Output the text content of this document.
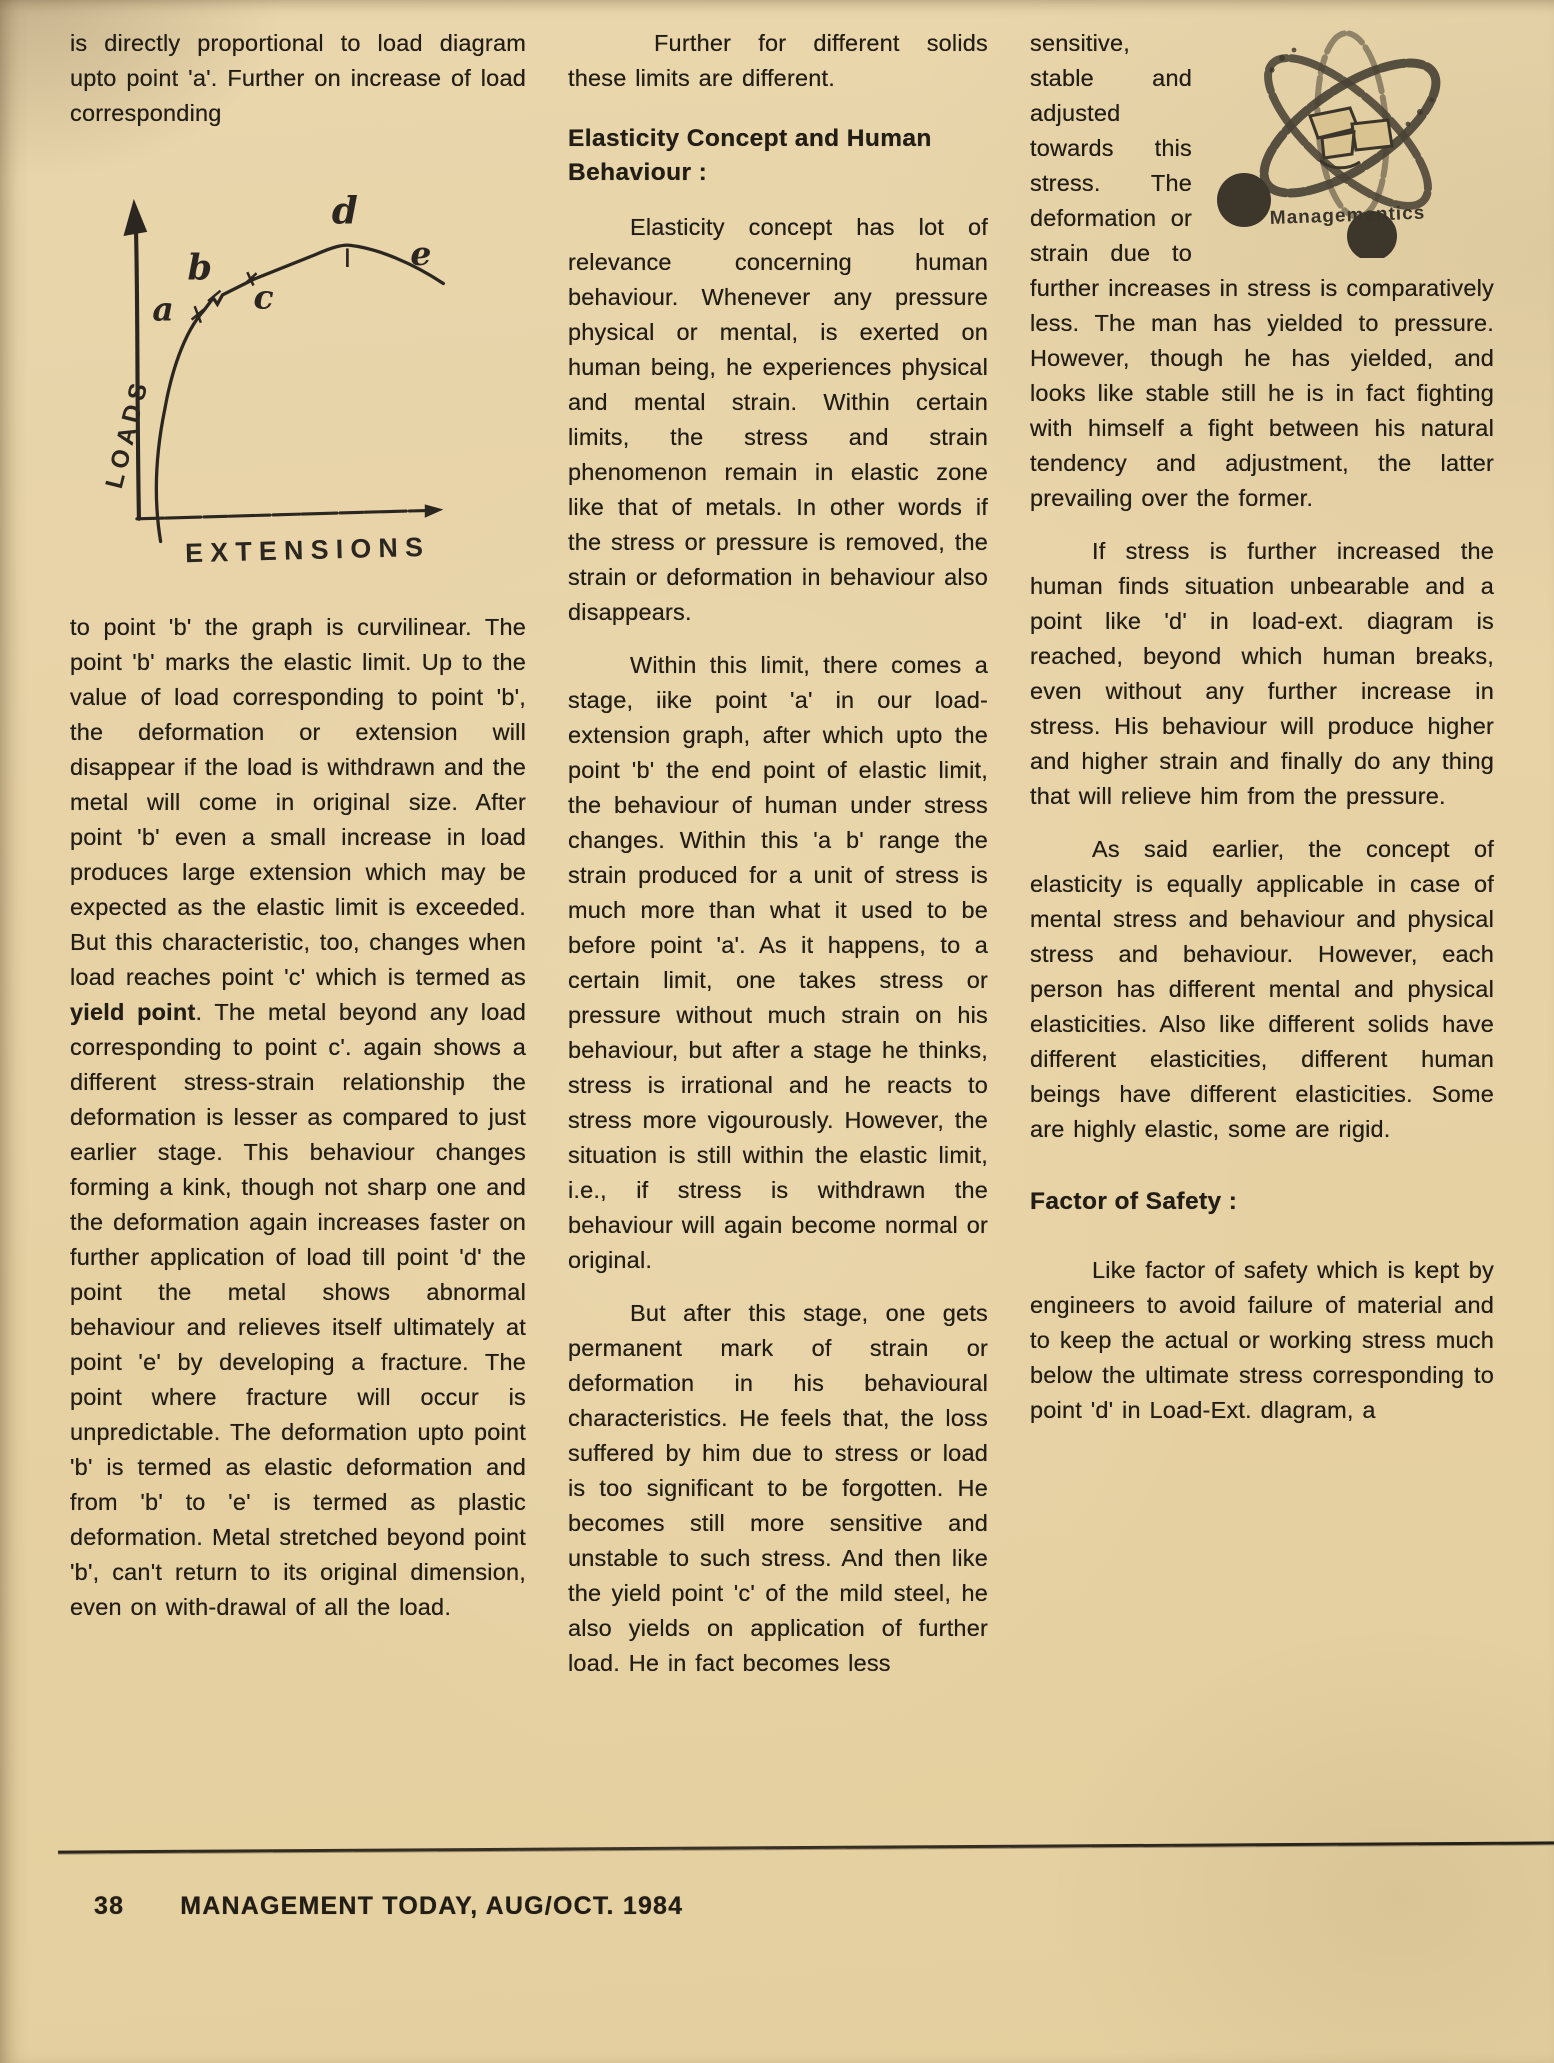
is directly proportional to load diagram upto point 'a'. Further on increase of load corresponding

a
b
c
d
e
LOADS
EXTENSIONS

to point 'b' the graph is curvilinear. The point 'b' marks the elastic limit. Up to the value of load corresponding to point 'b', the deformation or extension will disappear if the load is withdrawn and the metal will come in original size. After point 'b' even a small increase in load produces large extension which may be expected as the elastic limit is exceeded. But this characteristic, too, changes when load reaches point 'c' which is termed as yield point. The metal beyond any load corresponding to point c'. again shows a different stress-strain relationship the deformation is lesser as compared to just earlier stage. This behaviour changes forming a kink, though not sharp one and the deformation again increases faster on further application of load till point 'd' the point the metal shows abnormal behaviour and relieves itself ultimately at point 'e' by developing a fracture. The point where fracture will occur is unpredictable. The deformation upto point 'b' is termed as elastic deformation and from 'b' to 'e' is termed as plastic deformation. Metal stretched beyond point 'b', can't return to its original dimension, even on with-drawal of all the load.

Further for different solids these limits are different.

Elasticity Concept and Human Behaviour :

Elasticity concept has lot of relevance concerning human behaviour. Whenever any pressure physical or mental, is exerted on human being, he experiences physical and mental strain. Within certain limits, the stress and strain phenomenon remain in elastic zone like that of metals. In other words if the stress or pressure is removed, the strain or deformation in behaviour also disappears.

Within this limit, there comes a stage, iike point 'a' in our load-extension graph, after which upto the point 'b' the end point of elastic limit, the behaviour of human under stress changes. Within this 'a b' range the strain produced for a unit of stress is much more than what it used to be before point 'a'. As it happens, to a certain limit, one takes stress or pressure without much strain on his behaviour, but after a stage he thinks, stress is irrational and he reacts to stress more vigourously. However, the situation is still within the elastic limit, i.e., if stress is withdrawn the behaviour will again become normal or original.

But after this stage, one gets permanent mark of strain or deformation in his behavioural characteristics. He feels that, the loss suffered by him due to stress or load is too significant to be forgotten. He becomes still more sensitive and unstable to such stress. And then like the yield point 'c' of the mild steel, he also yields on application of further load. He in fact becomes less

Managementics

sensitive, stable and adjusted towards this stress. The deformation or strain due to further increases in stress is comparatively less. The man has yielded to pressure. However, though he has yielded, and looks like stable still he is in fact fighting with himself a fight between his natural tendency and adjustment, the latter prevailing over the former.

If stress is further increased the human finds situation unbearable and a point like 'd' in load-ext. diagram is reached, beyond which human breaks, even without any further increase in stress. His behaviour will produce higher and higher strain and finally do any thing that will relieve him from the pressure.

As said earlier, the concept of elasticity is equally applicable in case of mental stress and behaviour and physical stress and behaviour. However, each person has different mental and physical elasticities. Also like different solids have different elasticities, different human beings have different elasticities. Some are highly elastic, some are rigid.

Factor of Safety :

Like factor of safety which is kept by engineers to avoid failure of material and to keep the actual or working stress much below the ultimate stress corresponding to point 'd' in Load-Ext. dlagram, a

38 MANAGEMENT TODAY, AUG/OCT. 1984
